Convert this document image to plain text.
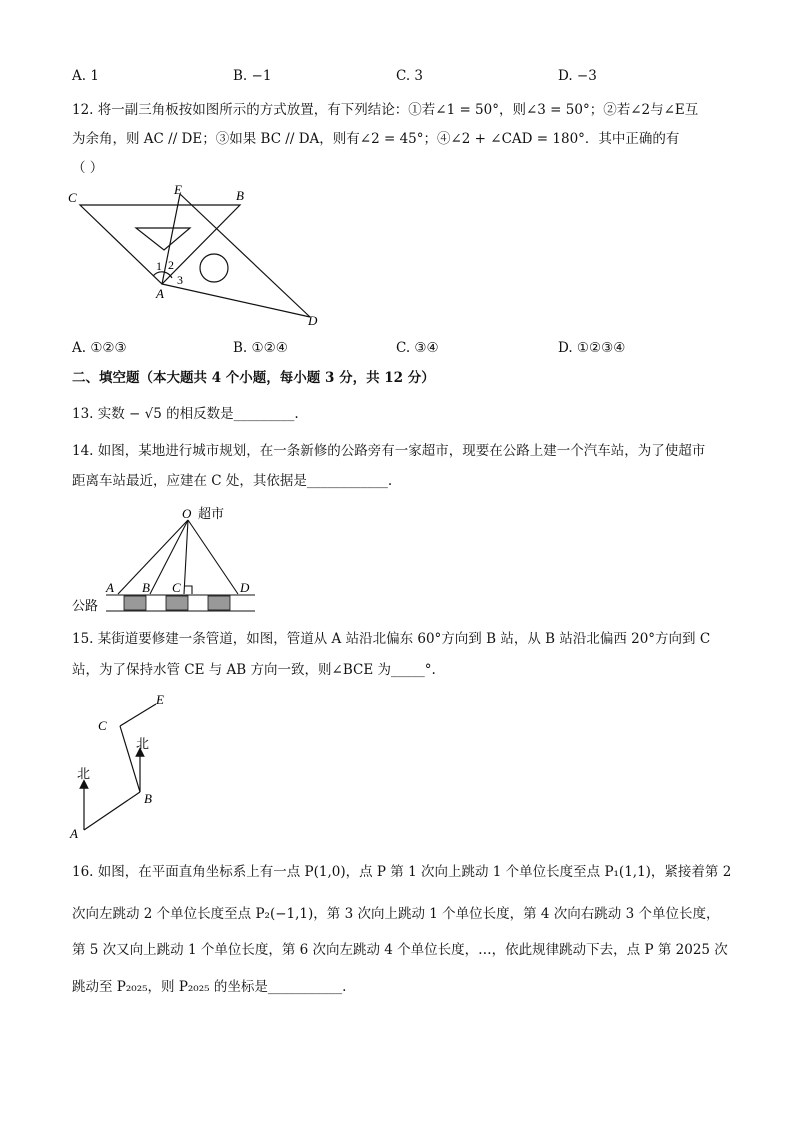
A. 1	B. −1	C. 3	D. −3
12. 将一副三角板按如图所示的方式放置，有下列结论：①若∠1 = 50°，则∠3 = 50°；②若∠2与∠E互
为余角，则 AC // DE；③如果 BC // DA，则有∠2 = 45°；④∠2 + ∠CAD = 180°．其中正确的有
（ ）
C
E	B
A
D
1 2
3
A. ①②③	B. ①②④	C. ③④	D. ①②③④
二、填空题（本大题共 4 个小题，每小题 3 分，共 12 分）
13. 实数 − √5 的相反数是_________.
14. 如图，某地进行城市规划，在一条新修的公路旁有一家超市，现要在公路上建一个汽车站，为了使超市
距离车站最近，应建在 C 处，其依据是____________.
O 超市
A B C	D
公路
15. 某街道要修建一条管道，如图，管道从 A 站沿北偏东 60°方向到 B 站，从 B 站沿北偏西 20°方向到 C
站，为了保持水管 CE 与 AB 方向一致，则∠BCE 为_____°.
E
C
B
A
北
北
16. 如图，在平面直角坐标系上有一点 P(1,0)，点 P 第 1 次向上跳动 1 个单位长度至点 P₁(1,1)，紧接着第 2
次向左跳动 2 个单位长度至点 P₂(−1,1)，第 3 次向上跳动 1 个单位长度，第 4 次向右跳动 3 个单位长度，
第 5 次又向上跳动 1 个单位长度，第 6 次向左跳动 4 个单位长度，…，依此规律跳动下去，点 P 第 2025 次
跳动至 P₂₀₂₅，则 P₂₀₂₅ 的坐标是___________.
